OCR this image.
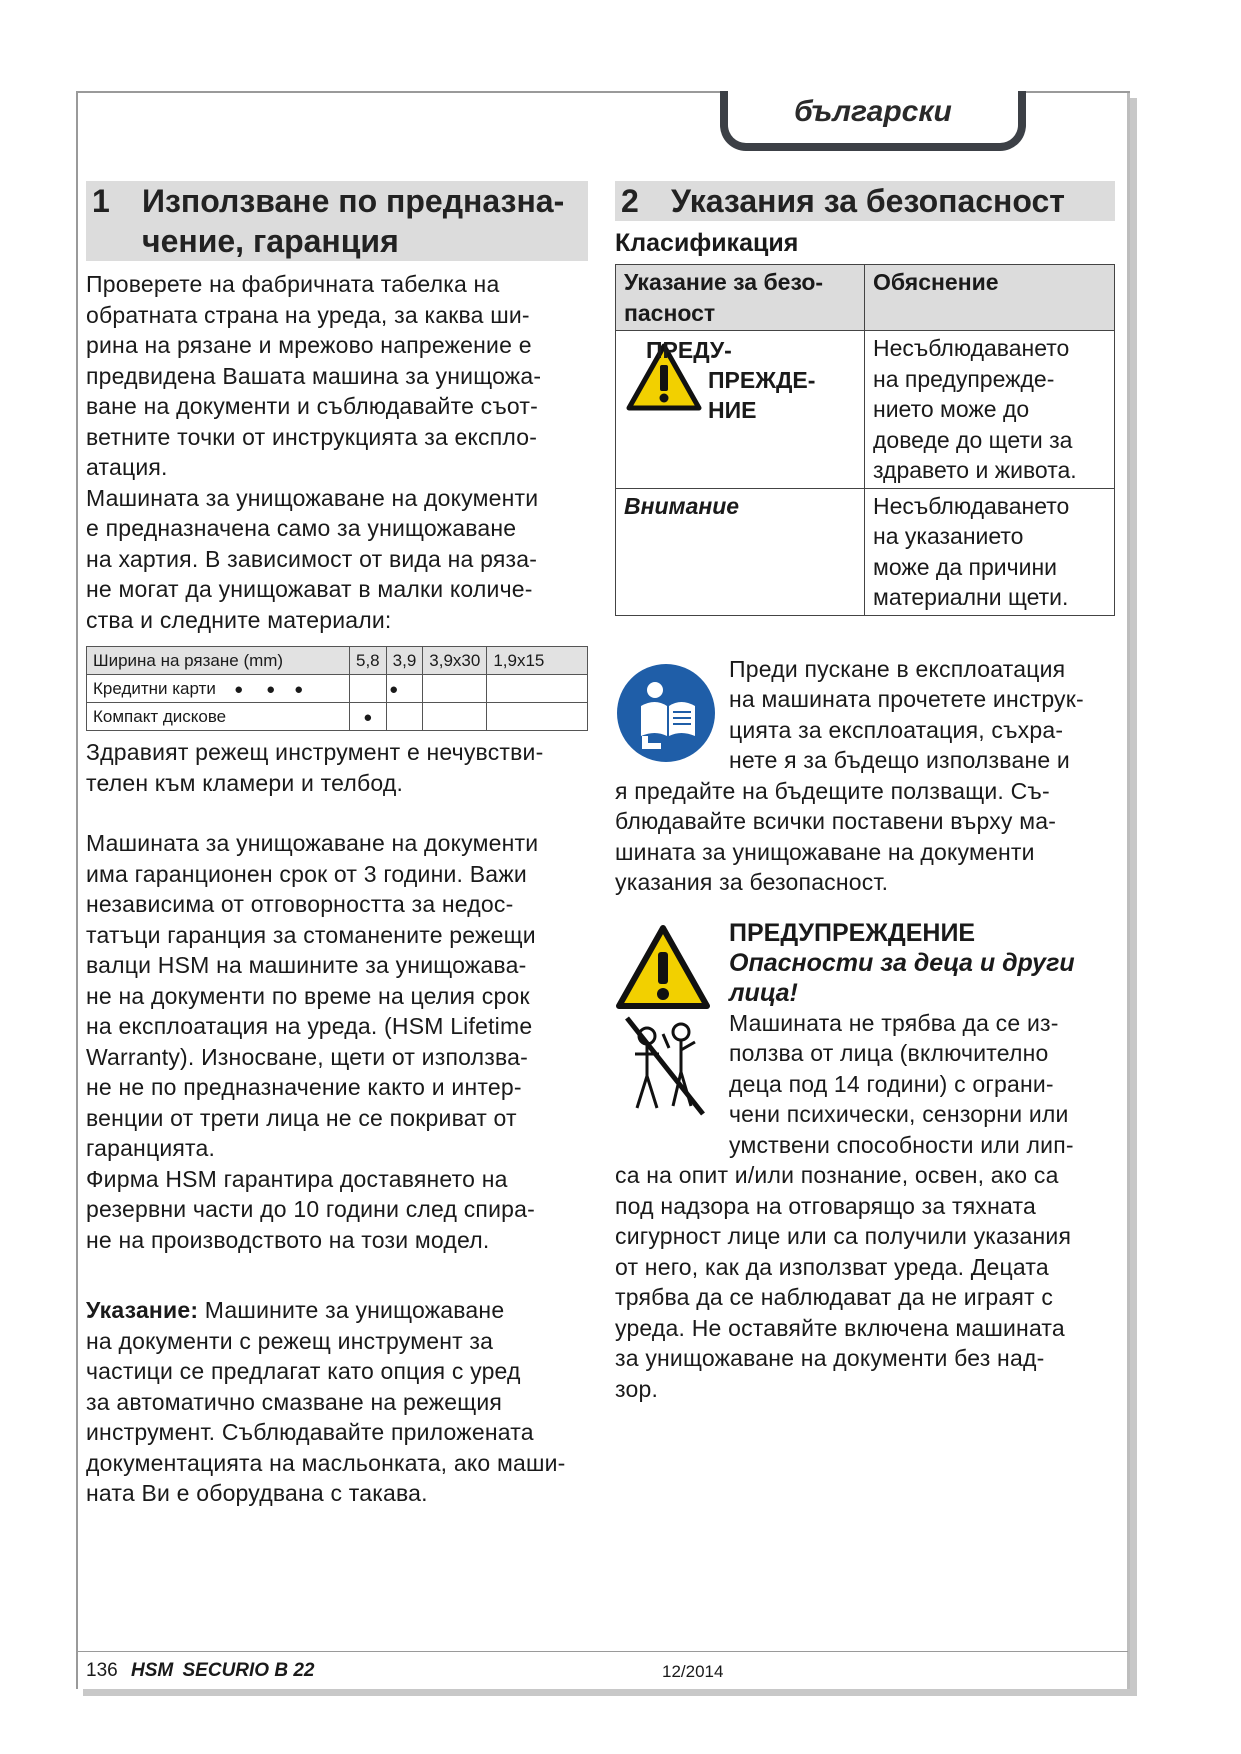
български
1	Използване по предназна-
чение, гаранция

Проверете на фабричната табелка на
обратната страна на уреда, за каква ши-
рина на рязане и мрежово напрежение е
предвидена Вашата машина за унищожа-
ване на документи и съблюдавайте съот-
ветните точки от инструкцията за експло-
атация.

Машината за унищожаване на документи
е предназначена само за унищожаване
на хартия. В зависимост от вида на ряза-
не могат да унищожават в малки количе-
ства и следните материали:

Ширина на рязане (mm)	5,8	3,9	3,9x30	1,9x15
Кредитни карти ● ● ●		●		
Компакт дискове	●			

Здравият режещ инструмент е нечувстви-
телен към кламери и телбод.

Машината за унищожаване на документи
има гаранционен срок от 3 години. Важи
независима от отговорността за недос-
татъци гаранция за стоманените режещи
валци HSM на машините за унищожава-
не на документи по време на целия срок
на експлоатация на уреда. (HSM Lifetime
Warranty). Износване, щети от използва-
не не по предназначение както и интер-
венции от трети лица не се покриват от
гаранцията.

Фирма HSM гарантира доставянето на
резервни части до 10 години след спира-
не на производството на този модел.

Указание: Машините за унищожаване
на документи с режещ инструмент за
частици се предлагат като опция с уред
за автоматично смазване на режещия
инструмент. Съблюдавайте приложената
документацията на масльонката, ако маши-
ната Ви е оборудвана с такава.

2	Указания за безопасност
Класификация
Указание за безо-
пасност	Обяснение

ПРЕДУ-
ПРЕЖДЕ-
НИЕ	Несъблюдаването
на предупрежде-
нието може до
доведе до щети за
здравето и живота.
Внимание	Несъблюдаването
на указанието
може да причини
материални щети.

Преди пускане в експлоатация
на машината прочетете инструк-
цията за експлоатация, съхра-
нете я за бъдещо използване и

я предайте на бъдещите ползващи. Съ-
блюдавайте всички поставени върху ма-
шината за унищожаване на документи
указания за безопасност.

ПРЕДУПРЕЖДЕНИЕ
Опасности за деца и други
лица!

Машината не трябва да се из-
ползва от лица (включително
деца под 14 години) с ограни-
чени психически, сензорни или
умствени способности или лип-

са на опит и/или познание, освен, ако са
под надзора на отговарящо за тяхната
сигурност лице или са получили указания
от него, как да използват уреда. Децата
трябва да се наблюдават да не играят с
уреда. Не оставяйте включена машината
за унищожаване на документи без над-
зор.

136 HSM SECURIO B 22	12/2014
